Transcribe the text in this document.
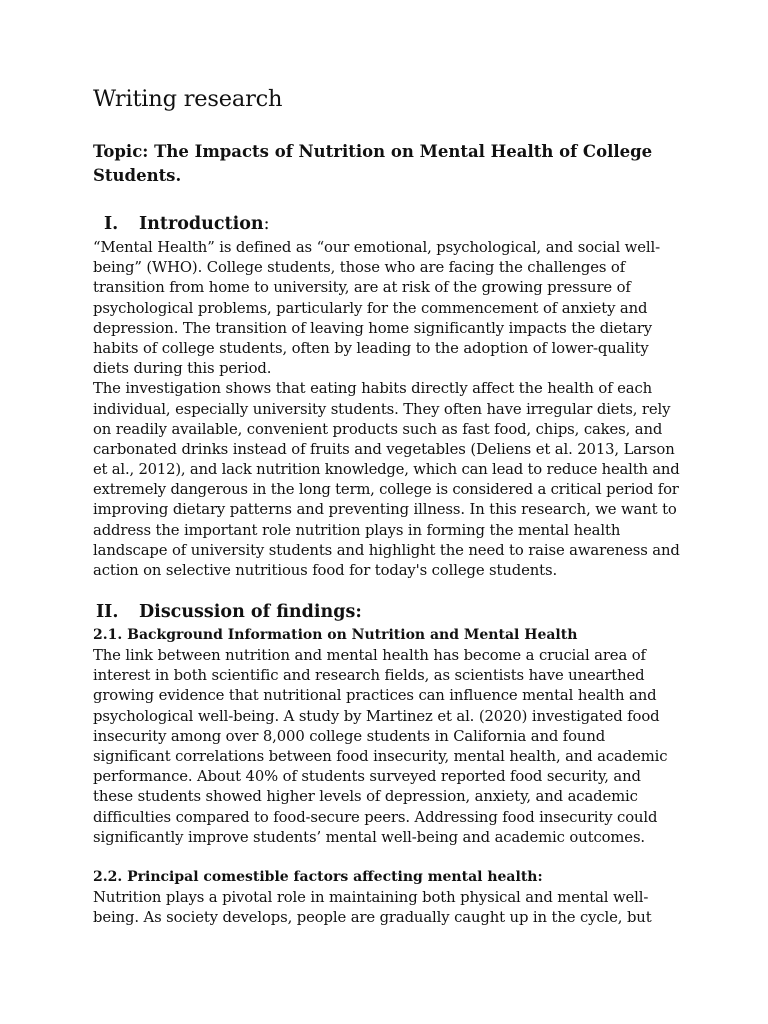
Writing research
Topic: The Impacts of Nutrition on Mental Health of College Students.
I.	Introduction :
“Mental Health” is defined as “our emotional, psychological, and social well-
being” (WHO). College students, those who are facing the challenges of
transition from home to university, are at risk of the growing pressure of
psychological problems, particularly for the commencement of anxiety and
depression. The transition of leaving home significantly impacts the dietary
habits of college students, often by leading to the adoption of lower-quality
diets during this period.
The investigation shows that eating habits directly affect the health of each
individual, especially university students. They often have irregular diets, rely
on readily available, convenient products such as fast food, chips, cakes, and
carbonated drinks instead of fruits and vegetables (Deliens et al. 2013, Larson
et al., 2012), and lack nutrition knowledge, which can lead to reduce health and
extremely dangerous in the long term, college is considered a critical period for
improving dietary patterns and preventing illness. In this research, we want to
address the important role nutrition plays in forming the mental health
landscape of university students and highlight the need to raise awareness and
action on selective nutritious food for today's college students.
II.	Discussion of findings:
2.1. Background Information on Nutrition and Mental Health
The link between nutrition and mental health has become a crucial area of
interest in both scientific and research fields, as scientists have unearthed
growing evidence that nutritional practices can influence mental health and
psychological well-being. A study by Martinez et al. (2020) investigated food
insecurity among over 8,000 college students in California and found
significant correlations between food insecurity, mental health, and academic
performance. About 40% of students surveyed reported food security, and
these students showed higher levels of depression, anxiety, and academic
difficulties compared to food-secure peers. Addressing food insecurity could
significantly improve students’ mental well-being and academic outcomes.
2.2. Principal comestible factors affecting mental health:
Nutrition plays a pivotal role in maintaining both physical and mental well-
being. As society develops, people are gradually caught up in the cycle, but
